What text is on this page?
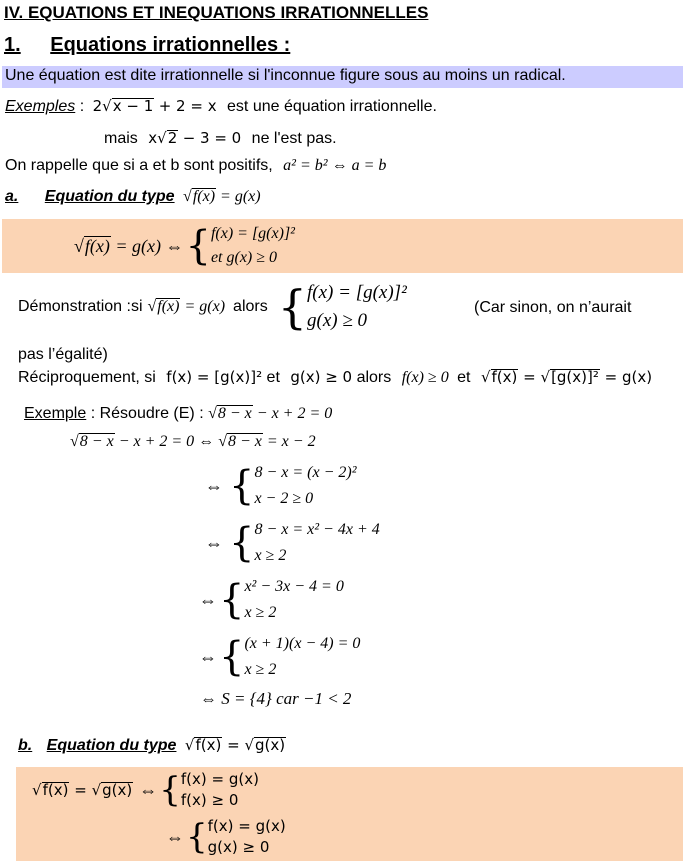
IV. EQUATIONS ET INEQUATIONS IRRATIONNELLES
1. Equations irrationnelles :
Une équation est dite irrationnelle si l'inconnue figure sous au moins un radical.
Exemples : 2√x − 1 + 2 = x est une équation irrationnelle.
mais x√2 − 3 = 0 ne l'est pas.
On rappelle que si a et b sont positifs, a² = b² ⇔ a = b
a. Equation du type √f(x) = g(x)
√f(x) = g(x) ⇔ { f(x) = [g(x)]²
et g(x) ≥ 0
Démonstration :si √f(x) = g(x) alors { f(x) = [g(x)]²
g(x) ≥ 0
(Car sinon, on n’aurait
pas l’égalité)
Réciproquement, si f(x) = [g(x)]² et g(x) ≥ 0 alors f(x) ≥ 0 et √f(x) = √[g(x)]² = g(x)
Exemple : Résoudre (E) : √8 − x − x + 2 = 0
√8 − x − x + 2 = 0 ⇔ √8 − x = x − 2
⇔ { 8 − x = (x − 2)²
x − 2 ≥ 0
⇔ { 8 − x = x² − 4x + 4
x ≥ 2
⇔ { x² − 3x − 4 = 0
x ≥ 2
⇔ { (x + 1)(x − 4) = 0
x ≥ 2
⇔ S = {4} car −1 < 2
b. Equation du type √f(x) = √g(x)
√f(x) = √g(x) ⇔ { f(x) = g(x)
f(x) ≥ 0
⇔ { f(x) = g(x)
g(x) ≥ 0
